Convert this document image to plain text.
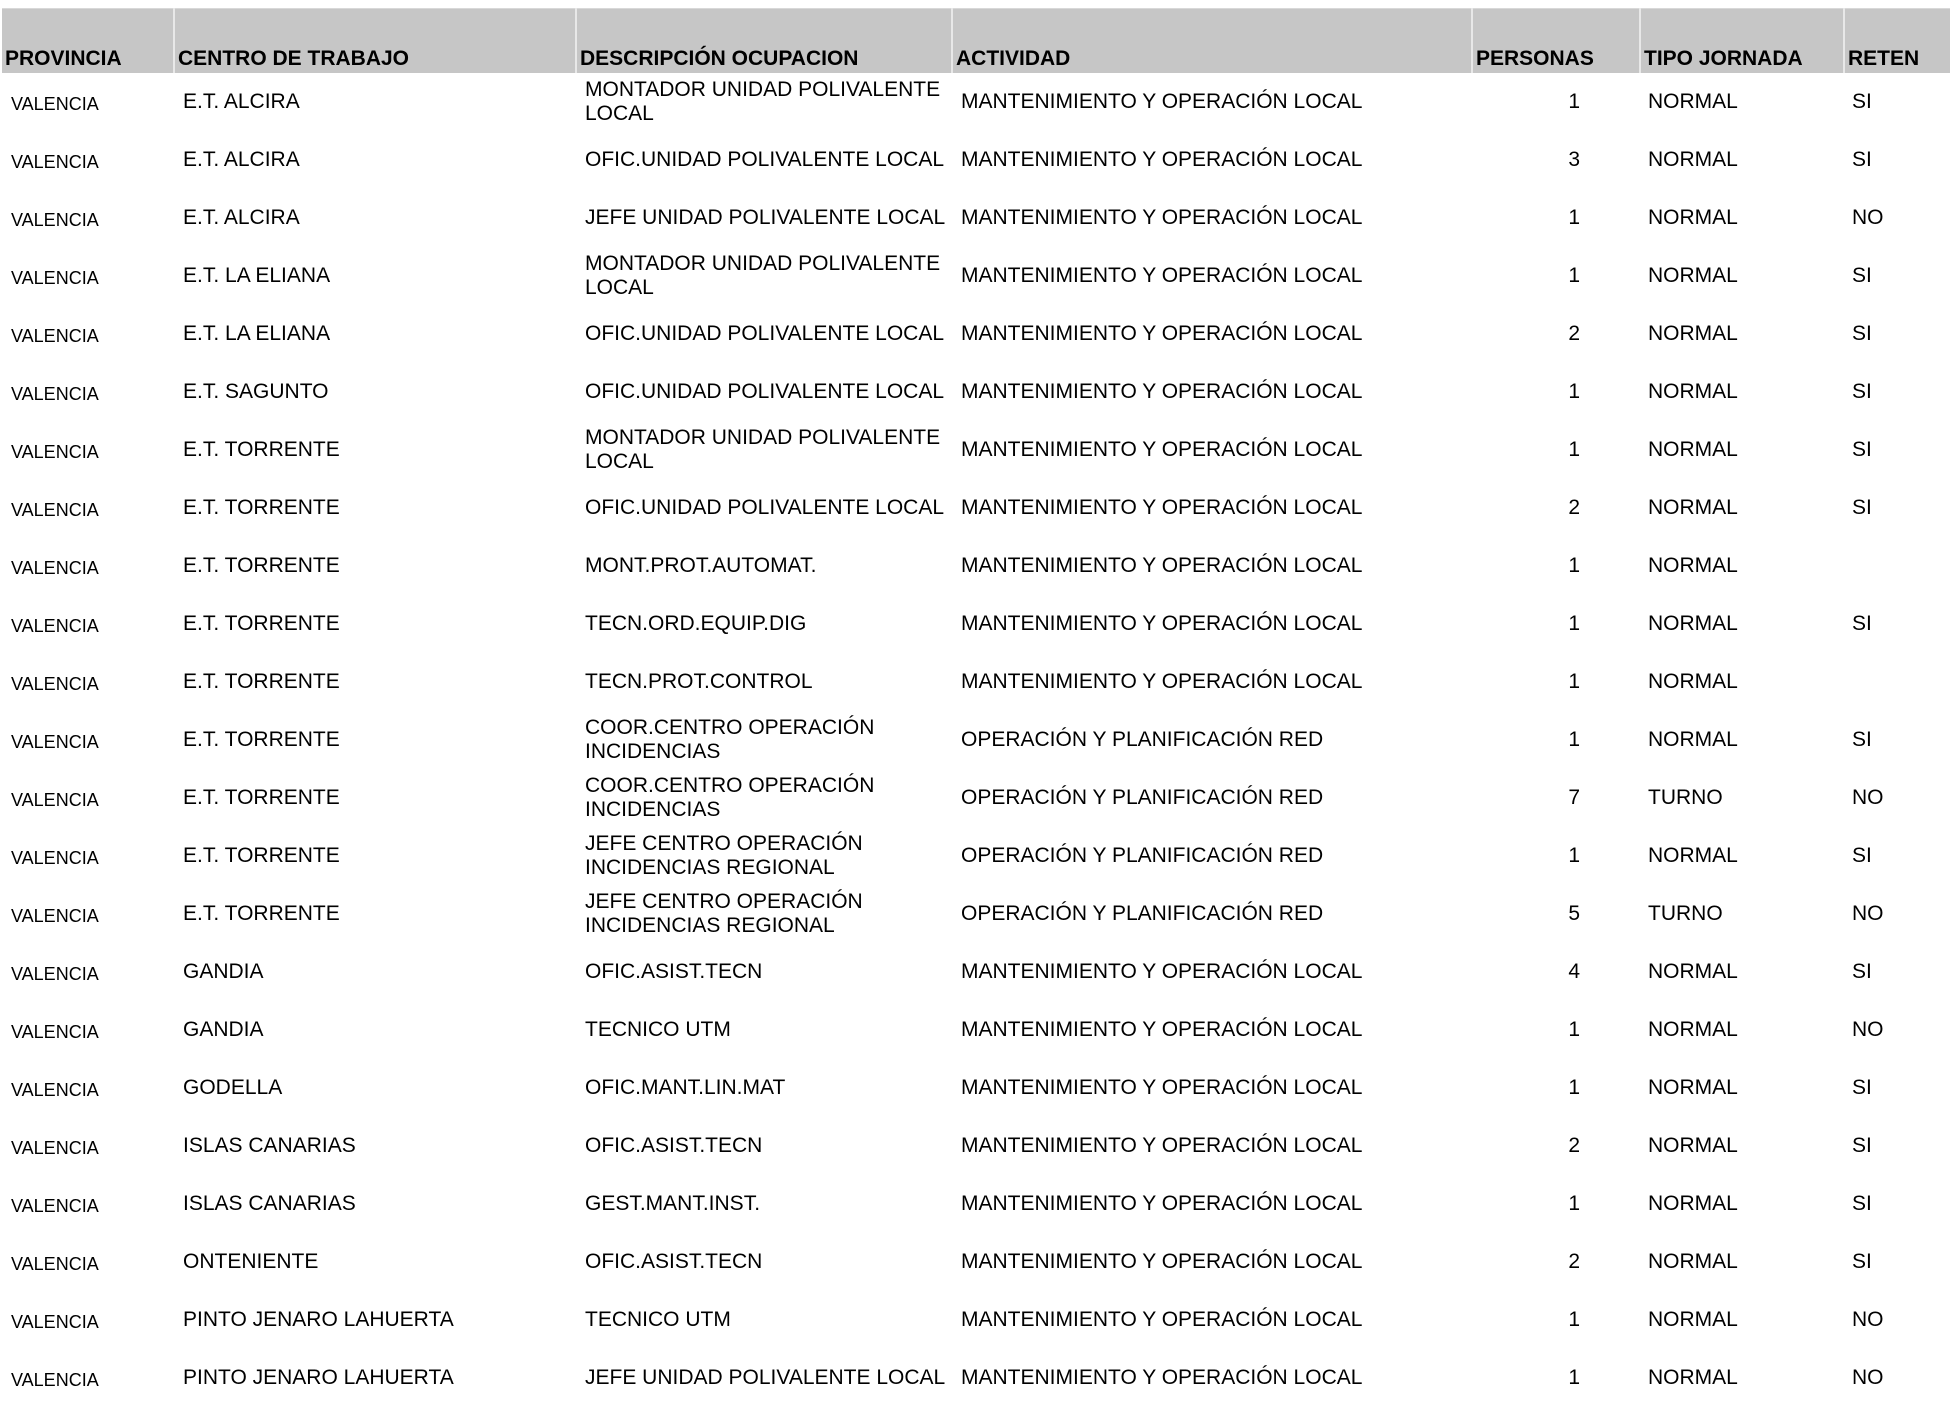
PROVINCIA	CENTRO DE TRABAJO	DESCRIPCIÓN OCUPACION	ACTIVIDAD	PERSONAS	TIPO JORNADA	RETEN
VALENCIA	E.T. ALCIRA	MONTADOR UNIDAD POLIVALENTE LOCAL	MANTENIMIENTO Y OPERACIÓN LOCAL	1	NORMAL	SI
VALENCIA	E.T. ALCIRA	OFIC.UNIDAD POLIVALENTE LOCAL	MANTENIMIENTO Y OPERACIÓN LOCAL	3	NORMAL	SI
VALENCIA	E.T. ALCIRA	JEFE UNIDAD POLIVALENTE LOCAL	MANTENIMIENTO Y OPERACIÓN LOCAL	1	NORMAL	NO
VALENCIA	E.T. LA ELIANA	MONTADOR UNIDAD POLIVALENTE LOCAL	MANTENIMIENTO Y OPERACIÓN LOCAL	1	NORMAL	SI
VALENCIA	E.T. LA ELIANA	OFIC.UNIDAD POLIVALENTE LOCAL	MANTENIMIENTO Y OPERACIÓN LOCAL	2	NORMAL	SI
VALENCIA	E.T. SAGUNTO	OFIC.UNIDAD POLIVALENTE LOCAL	MANTENIMIENTO Y OPERACIÓN LOCAL	1	NORMAL	SI
VALENCIA	E.T. TORRENTE	MONTADOR UNIDAD POLIVALENTE LOCAL	MANTENIMIENTO Y OPERACIÓN LOCAL	1	NORMAL	SI
VALENCIA	E.T. TORRENTE	OFIC.UNIDAD POLIVALENTE LOCAL	MANTENIMIENTO Y OPERACIÓN LOCAL	2	NORMAL	SI
VALENCIA	E.T. TORRENTE	MONT.PROT.AUTOMAT.	MANTENIMIENTO Y OPERACIÓN LOCAL	1	NORMAL	
VALENCIA	E.T. TORRENTE	TECN.ORD.EQUIP.DIG	MANTENIMIENTO Y OPERACIÓN LOCAL	1	NORMAL	SI
VALENCIA	E.T. TORRENTE	TECN.PROT.CONTROL	MANTENIMIENTO Y OPERACIÓN LOCAL	1	NORMAL	
VALENCIA	E.T. TORRENTE	COOR.CENTRO OPERACIÓN INCIDENCIAS	OPERACIÓN Y PLANIFICACIÓN RED	1	NORMAL	SI
VALENCIA	E.T. TORRENTE	COOR.CENTRO OPERACIÓN INCIDENCIAS	OPERACIÓN Y PLANIFICACIÓN RED	7	TURNO	NO
VALENCIA	E.T. TORRENTE	JEFE CENTRO OPERACIÓN INCIDENCIAS REGIONAL	OPERACIÓN Y PLANIFICACIÓN RED	1	NORMAL	SI
VALENCIA	E.T. TORRENTE	JEFE CENTRO OPERACIÓN INCIDENCIAS REGIONAL	OPERACIÓN Y PLANIFICACIÓN RED	5	TURNO	NO
VALENCIA	GANDIA	OFIC.ASIST.TECN	MANTENIMIENTO Y OPERACIÓN LOCAL	4	NORMAL	SI
VALENCIA	GANDIA	TECNICO UTM	MANTENIMIENTO Y OPERACIÓN LOCAL	1	NORMAL	NO
VALENCIA	GODELLA	OFIC.MANT.LIN.MAT	MANTENIMIENTO Y OPERACIÓN LOCAL	1	NORMAL	SI
VALENCIA	ISLAS CANARIAS	OFIC.ASIST.TECN	MANTENIMIENTO Y OPERACIÓN LOCAL	2	NORMAL	SI
VALENCIA	ISLAS CANARIAS	GEST.MANT.INST.	MANTENIMIENTO Y OPERACIÓN LOCAL	1	NORMAL	SI
VALENCIA	ONTENIENTE	OFIC.ASIST.TECN	MANTENIMIENTO Y OPERACIÓN LOCAL	2	NORMAL	SI
VALENCIA	PINTO JENARO LAHUERTA	TECNICO UTM	MANTENIMIENTO Y OPERACIÓN LOCAL	1	NORMAL	NO
VALENCIA	PINTO JENARO LAHUERTA	JEFE UNIDAD POLIVALENTE LOCAL	MANTENIMIENTO Y OPERACIÓN LOCAL	1	NORMAL	NO
